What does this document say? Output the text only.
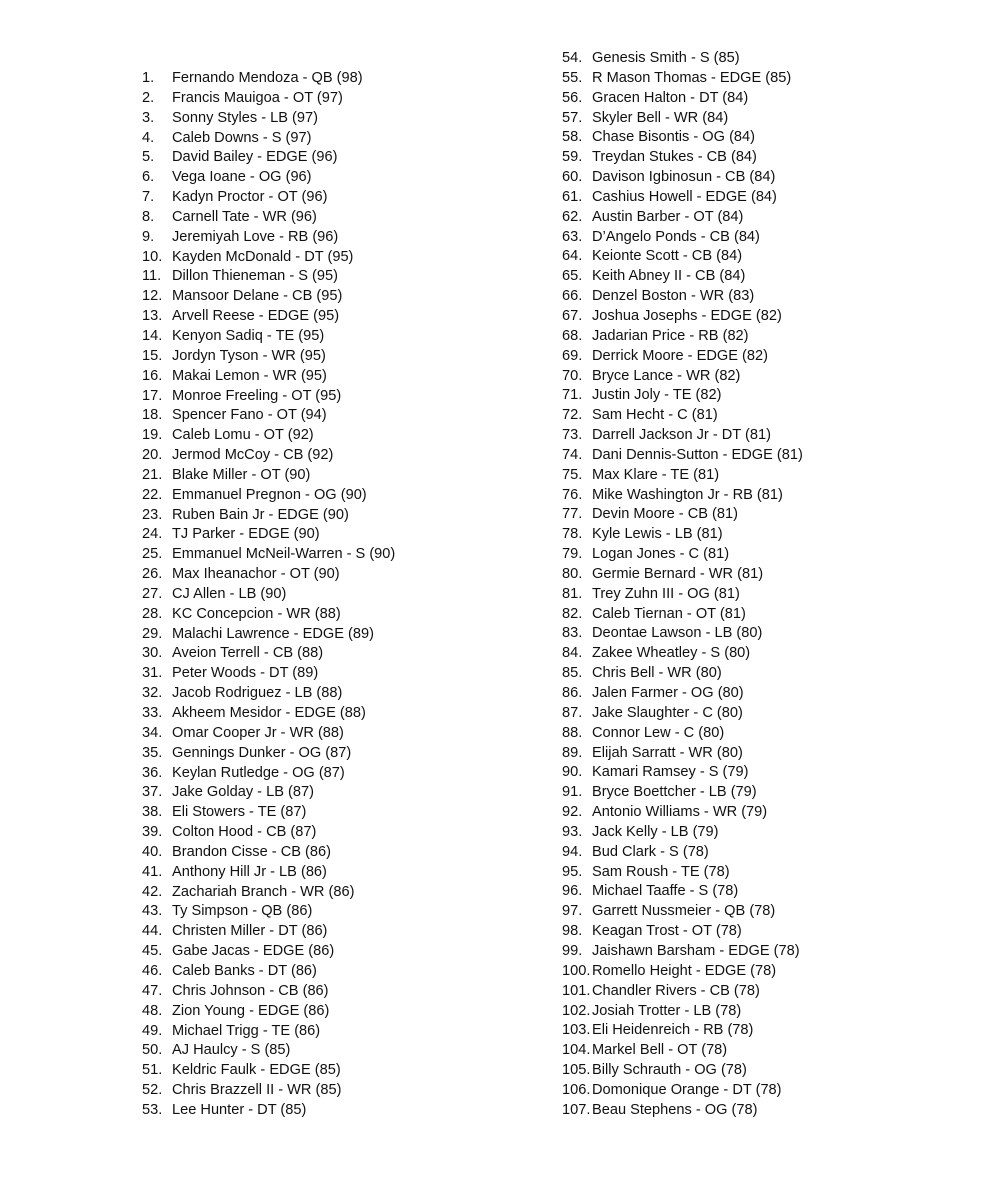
1. Fernando Mendoza - QB (98)
2. Francis Mauigoa - OT (97)
3. Sonny Styles - LB (97)
4. Caleb Downs - S (97)
5. David Bailey - EDGE (96)
6. Vega Ioane - OG (96)
7. Kadyn Proctor - OT (96)
8. Carnell Tate - WR (96)
9. Jeremiyah Love - RB (96)
10. Kayden McDonald - DT (95)
11. Dillon Thieneman - S (95)
12. Mansoor Delane - CB (95)
13. Arvell Reese - EDGE (95)
14. Kenyon Sadiq - TE (95)
15. Jordyn Tyson - WR (95)
16. Makai Lemon - WR (95)
17. Monroe Freeling - OT (95)
18. Spencer Fano - OT (94)
19. Caleb Lomu - OT (92)
20. Jermod McCoy - CB (92)
21. Blake Miller - OT (90)
22. Emmanuel Pregnon - OG (90)
23. Ruben Bain Jr - EDGE (90)
24. TJ Parker - EDGE (90)
25. Emmanuel McNeil-Warren - S (90)
26. Max Iheanachor - OT (90)
27. CJ Allen - LB (90)
28. KC Concepcion - WR (88)
29. Malachi Lawrence - EDGE (89)
30. Aveion Terrell - CB (88)
31. Peter Woods - DT (89)
32. Jacob Rodriguez - LB (88)
33. Akheem Mesidor - EDGE (88)
34. Omar Cooper Jr - WR (88)
35. Gennings Dunker - OG (87)
36. Keylan Rutledge - OG (87)
37. Jake Golday - LB (87)
38. Eli Stowers - TE (87)
39. Colton Hood - CB (87)
40. Brandon Cisse - CB (86)
41. Anthony Hill Jr - LB (86)
42. Zachariah Branch - WR (86)
43. Ty Simpson - QB (86)
44. Christen Miller - DT (86)
45. Gabe Jacas - EDGE (86)
46. Caleb Banks - DT (86)
47. Chris Johnson - CB (86)
48. Zion Young - EDGE (86)
49. Michael Trigg - TE (86)
50. AJ Haulcy - S (85)
51. Keldric Faulk - EDGE (85)
52. Chris Brazzell II - WR (85)
53. Lee Hunter - DT (85)
54. Genesis Smith - S (85)
55. R Mason Thomas - EDGE (85)
56. Gracen Halton - DT (84)
57. Skyler Bell - WR (84)
58. Chase Bisontis - OG (84)
59. Treydan Stukes - CB (84)
60. Davison Igbinosun - CB (84)
61. Cashius Howell - EDGE (84)
62. Austin Barber - OT (84)
63. D’Angelo Ponds - CB (84)
64. Keionte Scott - CB (84)
65. Keith Abney II - CB (84)
66. Denzel Boston - WR (83)
67. Joshua Josephs - EDGE (82)
68. Jadarian Price - RB (82)
69. Derrick Moore - EDGE (82)
70. Bryce Lance - WR (82)
71. Justin Joly - TE (82)
72. Sam Hecht - C (81)
73. Darrell Jackson Jr - DT (81)
74. Dani Dennis-Sutton - EDGE (81)
75. Max Klare - TE (81)
76. Mike Washington Jr - RB (81)
77. Devin Moore - CB (81)
78. Kyle Lewis - LB (81)
79. Logan Jones - C (81)
80. Germie Bernard - WR (81)
81. Trey Zuhn III - OG (81)
82. Caleb Tiernan - OT (81)
83. Deontae Lawson - LB (80)
84. Zakee Wheatley - S (80)
85. Chris Bell - WR (80)
86. Jalen Farmer - OG (80)
87. Jake Slaughter - C (80)
88. Connor Lew - C (80)
89. Elijah Sarratt - WR (80)
90. Kamari Ramsey - S (79)
91. Bryce Boettcher - LB (79)
92. Antonio Williams - WR (79)
93. Jack Kelly - LB (79)
94. Bud Clark - S (78)
95. Sam Roush - TE (78)
96. Michael Taaffe - S (78)
97. Garrett Nussmeier - QB (78)
98. Keagan Trost - OT (78)
99. Jaishawn Barsham - EDGE (78)
100. Romello Height - EDGE (78)
101. Chandler Rivers - CB (78)
102. Josiah Trotter - LB (78)
103. Eli Heidenreich - RB (78)
104. Markel Bell - OT (78)
105. Billy Schrauth - OG (78)
106. Domonique Orange - DT (78)
107. Beau Stephens - OG (78)
